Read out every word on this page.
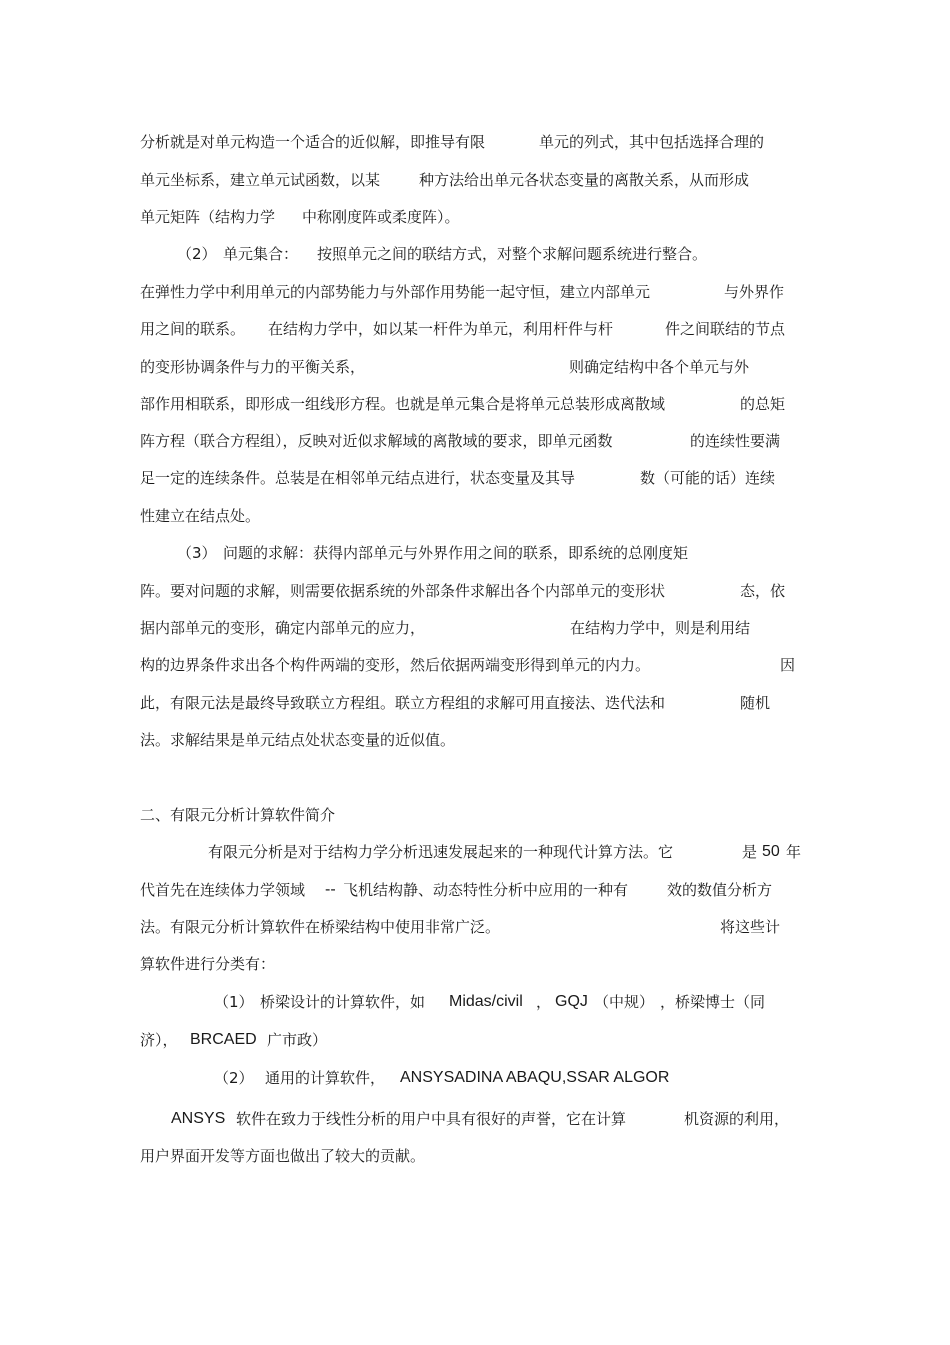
分析就是对单元构造一个适合的近似解，即推导有限	单元的列式，其中包括选择合理的
单元坐标系，建立单元试函数，以某	种方法给出单元各状态变量的离散关系，从而形成
单元矩阵（结构力学 中称刚度阵或柔度阵）。
（2） 单元集合： 按照单元之间的联结方式，对整个求解问题系统进行整合。
在弹性力学中利用单元的内部势能力与外部作用势能一起守恒，建立内部单元	与外界作
用之间的联系。 在结构力学中，如以某一杆件为单元，利用杆件与杆	件之间联结的节点
的变形协调条件与力的平衡关系，	则确定结构中各个单元与外
部作用相联系，即形成一组线形方程。也就是单元集合是将单元总装形成离散域	的总矩
阵方程（联合方程组），反映对近似求解域的离散域的要求，即单元函数	的连续性要满
足一定的连续条件。总装是在相邻单元结点进行，状态变量及其导	数（可能的话）连续
性建立在结点处。
（3） 问题的求解：获得内部单元与外界作用之间的联系，即系统的总刚度矩
阵。要对问题的求解，则需要依据系统的外部条件求解出各个内部单元的变形状	态，依
据内部单元的变形，确定内部单元的应力，	在结构力学中，则是利用结
构的边界条件求出各个构件两端的变形，然后依据两端变形得到单元的内力。	因
此，有限元法是最终导致联立方程组。联立方程组的求解可用直接法、迭代法和	随机
法。求解结果是单元结点处状态变量的近似值。
二、有限元分析计算软件简介
有限元分析是对于结构力学分析迅速发展起来的一种现代计算方法。它	是 50 年
代首先在连续体力学领域 -- 飞机结构静、动态特性分析中应用的一种有	效的数值分析方
法。有限元分析计算软件在桥梁结构中使用非常广泛。	将这些计
算软件进行分类有：
（1） 桥梁设计的计算软件，如 Midas/civil ， GQJ （中规） ，桥梁博士（同
济）， BRCAED 广市政）
（2） 通用的计算软件， ANSYSADINA ABAQU,SSAR ALGOR
ANSYS 软件在致力于线性分析的用户中具有很好的声誉，它在计算	机资源的利用，
用户界面开发等方面也做出了较大的贡献。
